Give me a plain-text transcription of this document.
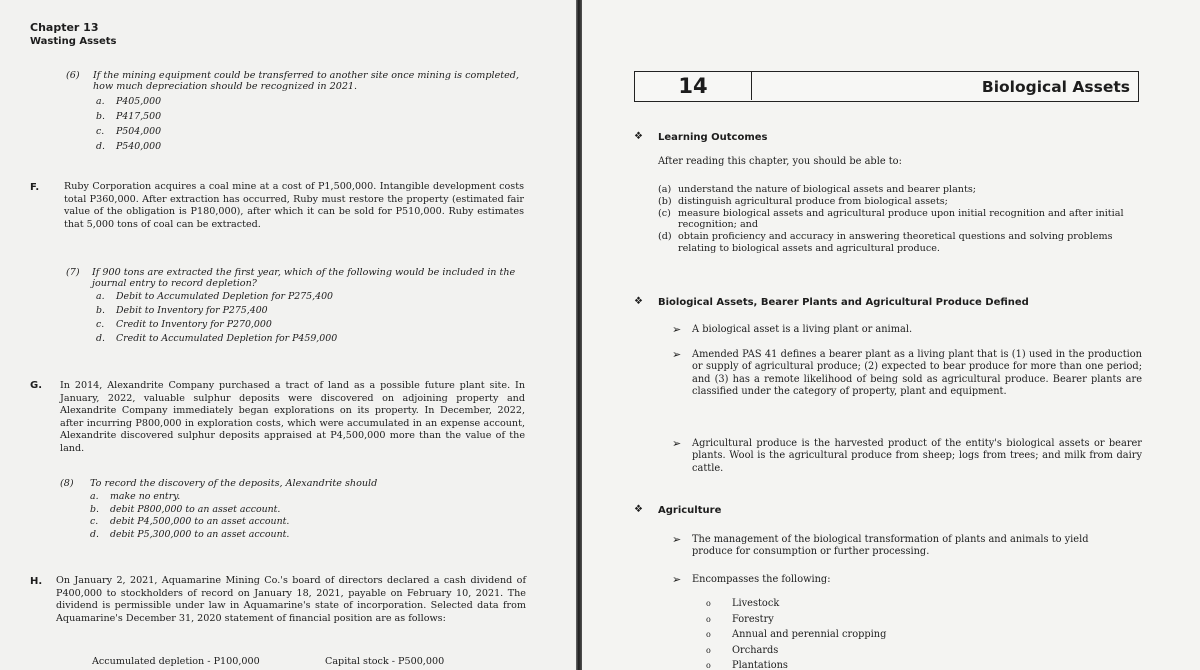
Chapter 13
Wasting Assets
(6) If the mining equipment could be transferred to another site once mining is completed, how much depreciation should be recognized in 2021.
a. P405,000
b. P417,500
c. P504,000
d. P540,000
F.	Ruby Corporation acquires a coal mine at a cost of P1,500,000. Intangible development costs total P360,000. After extraction has occurred, Ruby must restore the property (estimated fair value of the obligation is P180,000), after which it can be sold for P510,000. Ruby estimates that 5,000 tons of coal can be extracted.
(7) If 900 tons are extracted the first year, which of the following would be included in the journal entry to record depletion?
a. Debit to Accumulated Depletion for P275,400
b. Debit to Inventory for P275,400
c. Credit to Inventory for P270,000
d. Credit to Accumulated Depletion for P459,000
G. In 2014, Alexandrite Company purchased a tract of land as a possible future plant site. In January, 2022, valuable sulphur deposits were discovered on adjoining property and Alexandrite Company immediately began explorations on its property. In December, 2022, after incurring P800,000 in exploration costs, which were accumulated in an expense account, Alexandrite discovered sulphur deposits appraised at P4,500,000 more than the value of the land.
(8) To record the discovery of the deposits, Alexandrite should
a. make no entry.
b. debit P800,000 to an asset account.
c. debit P4,500,000 to an asset account.
d. debit P5,300,000 to an asset account.
H. On January 2, 2021, Aquamarine Mining Co.'s board of directors declared a cash dividend of P400,000 to stockholders of record on January 18, 2021, payable on February 10, 2021. The dividend is permissible under law in Aquamarine's state of incorporation. Selected data from Aquamarine's December 31, 2020 statement of financial position are as follows:
Accumulated depletion - P100,000	Capital stock - P500,000
14	Biological Assets
❖ Learning Outcomes
After reading this chapter, you should be able to:
(a) understand the nature of biological assets and bearer plants;
(b) distinguish agricultural produce from biological assets;
(c) measure biological assets and agricultural produce upon initial recognition and after initial recognition; and
(d) obtain proficiency and accuracy in answering theoretical questions and solving problems relating to biological assets and agricultural produce.
❖ Biological Assets, Bearer Plants and Agricultural Produce Defined
➢ A biological asset is a living plant or animal.
➢ Amended PAS 41 defines a bearer plant as a living plant that is (1) used in the production or supply of agricultural produce; (2) expected to bear produce for more than one period; and (3) has a remote likelihood of being sold as agricultural produce. Bearer plants are classified under the category of property, plant and equipment.
➢ Agricultural produce is the harvested product of the entity's biological assets or bearer plants. Wool is the agricultural produce from sheep; logs from trees; and milk from dairy cattle.
❖ Agriculture
➢ The management of the biological transformation of plants and animals to yield produce for consumption or further processing.
➢ Encompasses the following:
o Livestock
o Forestry
o Annual and perennial cropping
o Orchards
o Plantations
